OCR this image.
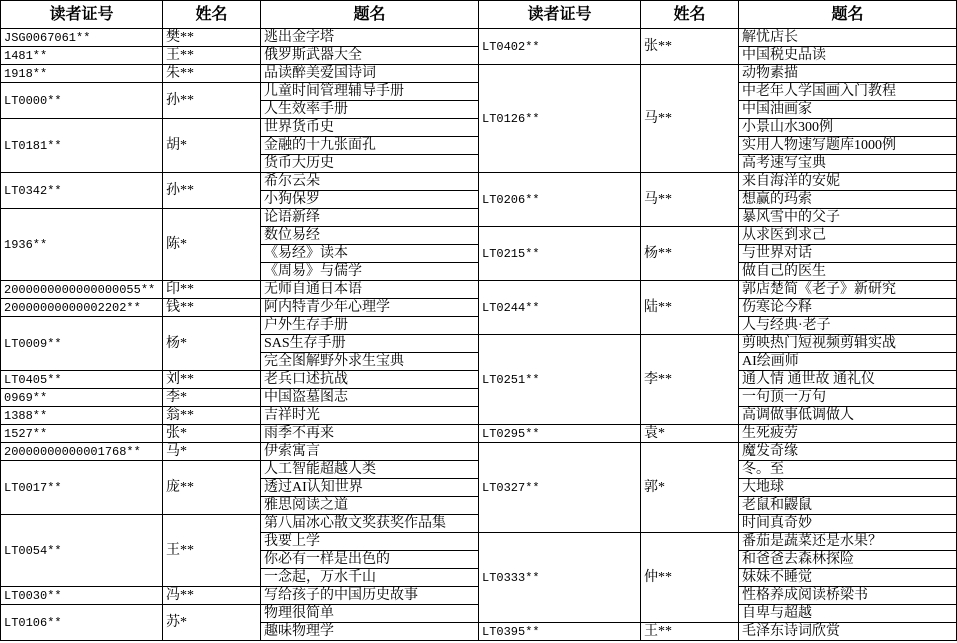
读者证号	姓名	题名	读者证号	姓名	题名
JSG0067061**	樊**	逃出金字塔	LT0402**	张**	解忧店长
1481**	王**	俄罗斯武器大全			中国税史品读
1918**	朱**	品读醉美爱国诗词	LT0126**	马**	动物素描
LT0000**	孙**	儿童时间管理辅导手册			中老年人学国画入门教程
		人生效率手册			中国油画家
LT0181**	胡*	世界货币史			小景山水300例
		金融的十九张面孔			实用人物速写题库1000例
		货币大历史			高考速写宝典
LT0342**	孙**	希尔云朵	LT0206**	马**	来自海洋的安妮
		小狗保罗			想赢的玛索
1936**	陈*	论语新绎			暴风雪中的父子
		数位易经	LT0215**	杨**	从求医到求己
		《易经》读本			与世界对话
		《周易》与儒学			做自己的医生
2000000000000000055**	印**	无师自通日本语	LT0244**	陆**	郭店楚简《老子》新研究
20000000000002202**	钱**	阿内特青少年心理学			伤寒论今释
LT0009**	杨*	户外生存手册			人与经典·老子
		SAS生存手册	LT0251**	李**	剪映热门短视频剪辑实战
		完全图解野外求生宝典			AI绘画师
LT0405**	刘**	老兵口述抗战			通人情 通世故 通礼仪
0969**	李*	中国盗墓图志			一句顶一万句
1388**	翁**	吉祥时光			高调做事低调做人
1527**	张*	雨季不再来	LT0295**	袁*	生死疲劳
20000000000001768**	马*	伊索寓言	LT0327**	郭*	魔发奇缘
LT0017**	庞**	人工智能超越人类			冬。至
		透过AI认知世界			大地球
		雅思阅读之道			老鼠和鼹鼠
LT0054**	王**	第八届冰心散文奖获奖作品集			时间真奇妙
		我要上学	LT0333**	仲**	番茄是蔬菜还是水果？
		你必有一样是出色的			和爸爸去森林探险
		一念起，万水千山			妹妹不睡觉
LT0030**	冯**	写给孩子的中国历史故事			性格养成阅读桥梁书
LT0106**	苏*	物理很简单			自卑与超越
		趣味物理学	LT0395**	王**	毛泽东诗词欣赏
